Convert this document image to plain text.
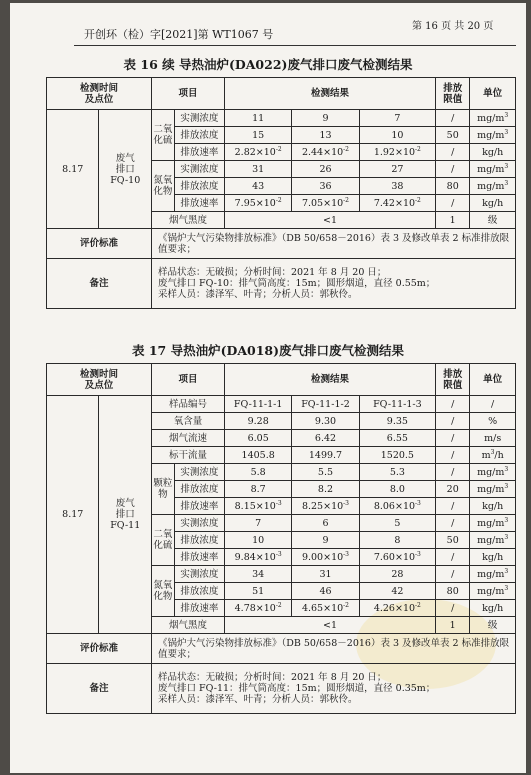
第 16 页 共 20 页
开创环（检）字[2021]第 WT1067 号
表 16 续 导热油炉(DA022)废气排口废气检测结果
检测时间
及点位		项目		检测结果			排放
限值	单位
8.17	废气
排口
FQ-10	二氧
化硫	实测浓度	11	9	7	/	$mg/m^3$
			排放浓度	15	13	10	50	$mg/m^3$
			排放速率	$2.82\times 10^{-2}$	$2.44\times 10^{-2}$	$1.92\times 10^{-2}$	/	kg/h
		氮氧
化物	实测浓度	31	26	27	/	$mg/m^3$
			排放浓度	43	36	38	80	$mg/m^3$
			排放速率	$7.95\times 10^{-2}$	$7.05\times 10^{-2}$	$7.42\times 10^{-2}$	/	kg/h
		烟气黑度		<1			1	级
评价标准		《锅炉大气污染物排放标准》（DB 50/658－2016）表 3 及修改单表 2 标准排放限值要求；						
备注		样品状态：无破损；分析时间：2021 年 8 月 20 日；
废气排口 FQ-10：排气筒高度：15m；圆形烟道，直径 0.55m；
采样人员：漆泽军、叶青；分析人员：郭秋伶。						
表 17 导热油炉(DA018)废气排口废气检测结果
检测时间
及点位		项目		检测结果			排放
限值	单位
8.17	废气
排口
FQ-11	样品编号		FQ-11-1-1	FQ-11-1-2	FQ-11-1-3	/	/
		氧含量		9.28	9.30	9.35	/	%
		烟气流速		6.05	6.42	6.55	/	m/s
		标干流量		1405.8	1499.7	1520.5	/	$m^3/h$
		颗粒
物	实测浓度	5.8	5.5	5.3	/	$mg/m^3$
			排放浓度	8.7	8.2	8.0	20	$mg/m^3$
			排放速率	$8.15\times 10^{-3}$	$8.25\times 10^{-3}$	$8.06\times 10^{-3}$	/	kg/h
		二氧
化硫	实测浓度	7	6	5	/	$mg/m^3$
			排放浓度	10	9	8	50	$mg/m^3$
			排放速率	$9.84\times 10^{-3}$	$9.00\times 10^{-3}$	$7.60\times 10^{-3}$	/	kg/h
		氮氧
化物	实测浓度	34	31	28	/	$mg/m^3$
			排放浓度	51	46	42	80	$mg/m^3$
			排放速率	$4.78\times 10^{-2}$	$4.65\times 10^{-2}$	$4.26\times 10^{-2}$	/	kg/h
		烟气黑度		<1			1	级
评价标准		《锅炉大气污染物排放标准》（DB 50/658－2016）表 3 及修改单表 2 标准排放限值要求；						
备注		样品状态：无破损；分析时间：2021 年 8 月 20 日；
废气排口 FQ-11：排气筒高度：15m；圆形烟道，直径 0.35m；
采样人员：漆泽军、叶青；分析人员：郭秋伶。						
